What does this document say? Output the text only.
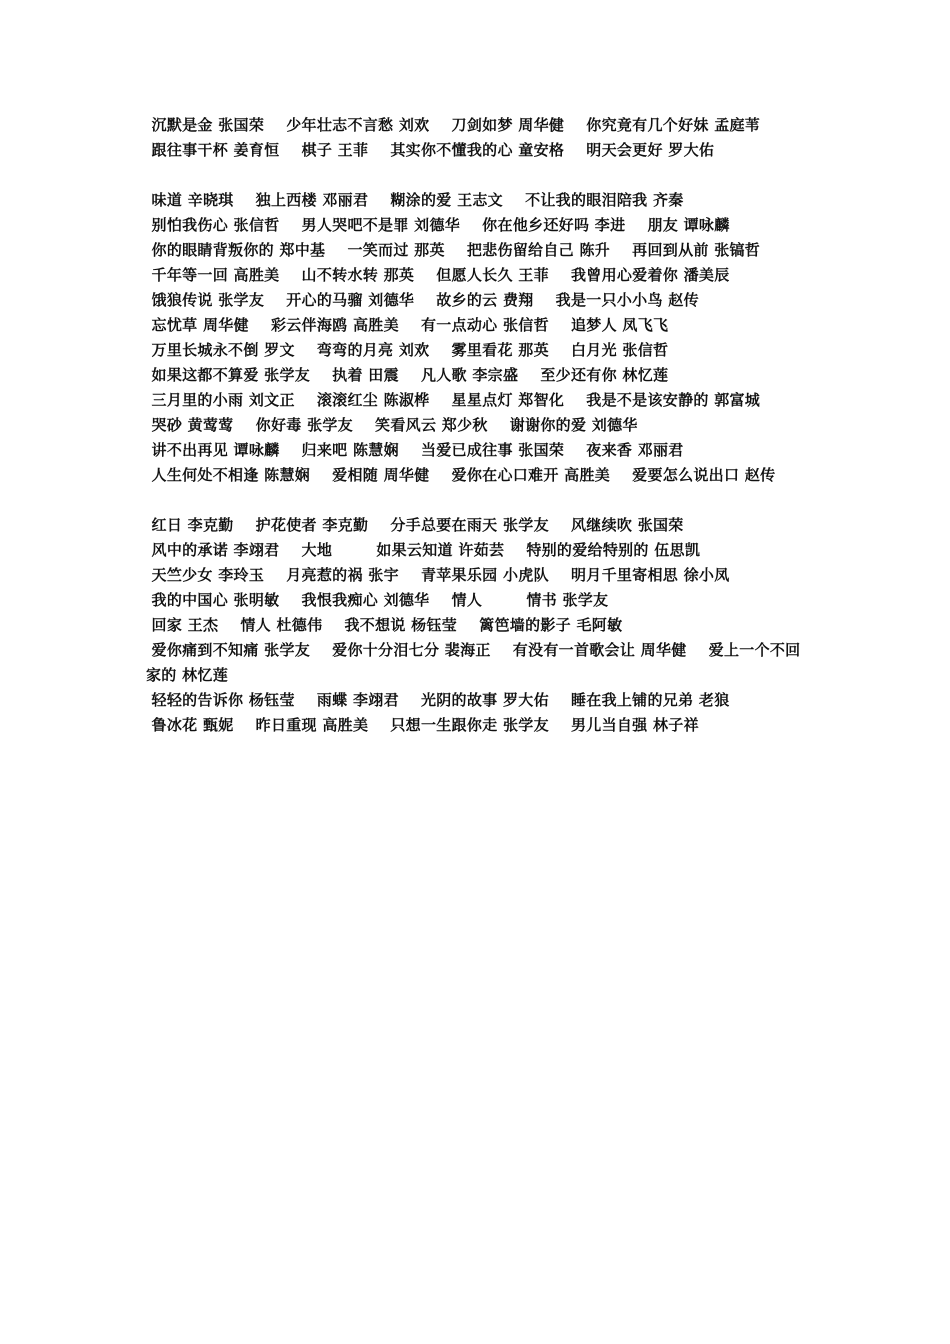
沉默是金 张国荣    少年壮志不言愁 刘欢    刀剑如梦 周华健    你究竟有几个好妹 孟庭苇

跟往事干杯 姜育恒    棋子 王菲    其实你不懂我的心 童安格    明天会更好 罗大佑

味道 辛晓琪    独上西楼 邓丽君    糊涂的爱 王志文    不让我的眼泪陪我 齐秦

别怕我伤心 张信哲    男人哭吧不是罪 刘德华    你在他乡还好吗 李进    朋友 谭咏麟

你的眼睛背叛你的 郑中基    一笑而过 那英    把悲伤留给自己 陈升    再回到从前 张镐哲

千年等一回 高胜美    山不转水转 那英    但愿人长久 王菲    我曾用心爱着你 潘美辰

饿狼传说 张学友    开心的马骝 刘德华    故乡的云 费翔    我是一只小小鸟 赵传

忘忧草 周华健    彩云伴海鸥 高胜美    有一点动心 张信哲    追梦人 凤飞飞

万里长城永不倒 罗文    弯弯的月亮 刘欢    雾里看花 那英    白月光 张信哲

如果这都不算爱 张学友    执着 田震    凡人歌 李宗盛    至少还有你 林忆莲

三月里的小雨 刘文正    滚滚红尘 陈淑桦    星星点灯 郑智化    我是不是该安静的 郭富城

哭砂 黄莺莺    你好毒 张学友    笑看风云 郑少秋    谢谢你的爱 刘德华

讲不出再见 谭咏麟    归来吧 陈慧娴    当爱已成往事 张国荣    夜来香 邓丽君

人生何处不相逢 陈慧娴    爱相随 周华健    爱你在心口难开 高胜美    爱要怎么说出口 赵传

红日 李克勤    护花使者 李克勤    分手总要在雨天 张学友    风继续吹 张国荣

风中的承诺 李翊君    大地        如果云知道 许茹芸    特别的爱给特别的 伍思凯

天竺少女 李玲玉    月亮惹的祸 张宇    青苹果乐园 小虎队    明月千里寄相思 徐小凤

我的中国心 张明敏    我恨我痴心 刘德华    情人        情书 张学友

回家 王杰    情人 杜德伟    我不想说 杨钰莹    篱笆墙的影子 毛阿敏

爱你痛到不知痛 张学友    爱你十分泪七分 裴海正    有没有一首歌会让 周华健    爱上一个不回家的 林忆莲

轻轻的告诉你 杨钰莹    雨蝶 李翊君    光阴的故事 罗大佑    睡在我上铺的兄弟 老狼

鲁冰花 甄妮    昨日重现 高胜美    只想一生跟你走 张学友    男儿当自强 林子祥
